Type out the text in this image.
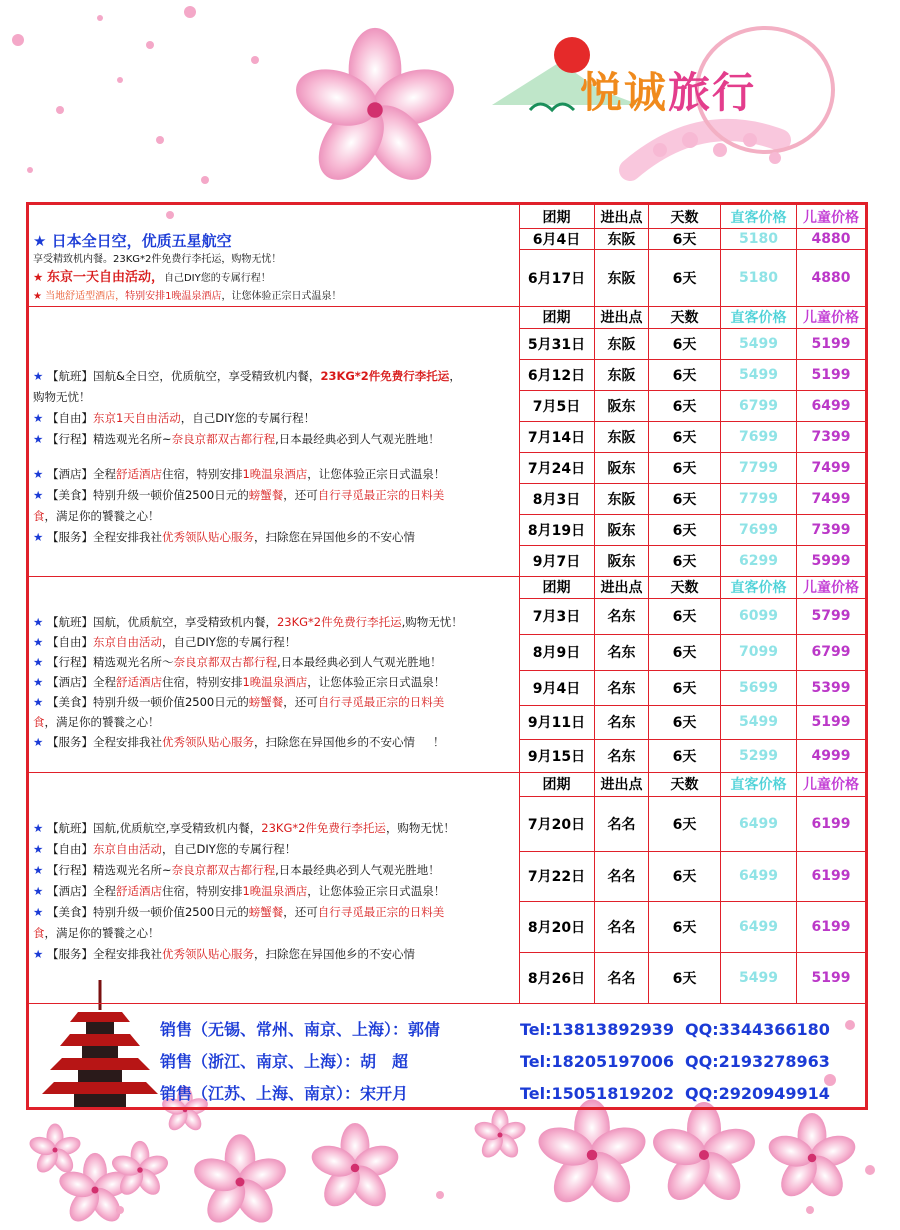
悦诚旅行
★ 日本全日空，优质五星航空
享受精致机内餐。23KG*2件免费行李托运，购物无忧！
★ 东京一天自由活动，自己DIY您的专属行程！
★ 当地舒适型酒店，特别安排1晚温泉酒店，让您体验正宗日式温泉！
团期	进出点	天数	直客价格	儿童价格
6月4日	东阪	6天	5180	4880
6月17日	东阪	6天	5180	4880
★ 【航班】国航&全日空，优质航空，享受精致机内餐，23KG*2件免费行李托运，
购物无忧！
★ 【自由】东京1天自由活动，自己DIY您的专属行程！
★ 【行程】精选观光名所~奈良京都双古都行程,日本最经典必到人气观光胜地！
★ 【酒店】全程舒适酒店住宿，特别安排1晚温泉酒店，让您体验正宗日式温泉！
★ 【美食】特别升级一顿价值2500日元的螃蟹餐，还可自行寻觅最正宗的日料美
食，满足你的饕餮之心！
★ 【服务】全程安排我社优秀领队贴心服务，扫除您在异国他乡的不安心情
团期	进出点	天数	直客价格	儿童价格
5月31日	东阪	6天	5499	5199
6月12日	东阪	6天	5499	5199
7月5日	阪东	6天	6799	6499
7月14日	东阪	6天	7699	7399
7月24日	阪东	6天	7799	7499
8月3日	东阪	6天	7799	7499
8月19日	阪东	6天	7699	7399
9月7日	阪东	6天	6299	5999
★ 【航班】国航，优质航空，享受精致机内餐，23KG*2件免费行李托运,购物无忧！
★ 【自由】东京自由活动，自己DIY您的专属行程！
★ 【行程】精选观光名所～奈良京都双古都行程,日本最经典必到人气观光胜地！
★ 【酒店】全程舒适酒店住宿，特别安排1晚温泉酒店，让您体验正宗日式温泉！
★ 【美食】特别升级一顿价值2500日元的螃蟹餐，还可自行寻觅最正宗的日料美
食，满足你的饕餮之心！
★ 【服务】全程安排我社优秀领队贴心服务，扫除您在异国他乡的不安心情 ！
团期	进出点	天数	直客价格	儿童价格
7月3日	名东	6天	6099	5799
8月9日	名东	6天	7099	6799
9月4日	名东	6天	5699	5399
9月11日	名东	6天	5499	5199
9月15日	名东	6天	5299	4999
★ 【航班】国航,优质航空,享受精致机内餐，23KG*2件免费行李托运，购物无忧！
★ 【自由】东京自由活动，自己DIY您的专属行程！
★ 【行程】精选观光名所~奈良京都双古都行程,日本最经典必到人气观光胜地！
★ 【酒店】全程舒适酒店住宿，特别安排1晚温泉酒店，让您体验正宗日式温泉！
★ 【美食】特别升级一顿价值2500日元的螃蟹餐，还可自行寻觅最正宗的日料美
食，满足你的饕餮之心！
★ 【服务】全程安排我社优秀领队贴心服务，扫除您在异国他乡的不安心情
团期	进出点	天数	直客价格	儿童价格
7月20日	名名	6天	6499	6199
7月22日	名名	6天	6499	6199
8月20日	名名	6天	6499	6199
8月26日	名名	6天	5499	5199
销售（无锡、常州、南京、上海）：郭倩	Tel:13813892939 QQ:3344366180
销售（浙江、南京、上海）：胡　超	Tel:18205197006 QQ:2193278963
销售（江苏、上海、南京）：宋开月	Tel:15051819202 QQ:2920949914
